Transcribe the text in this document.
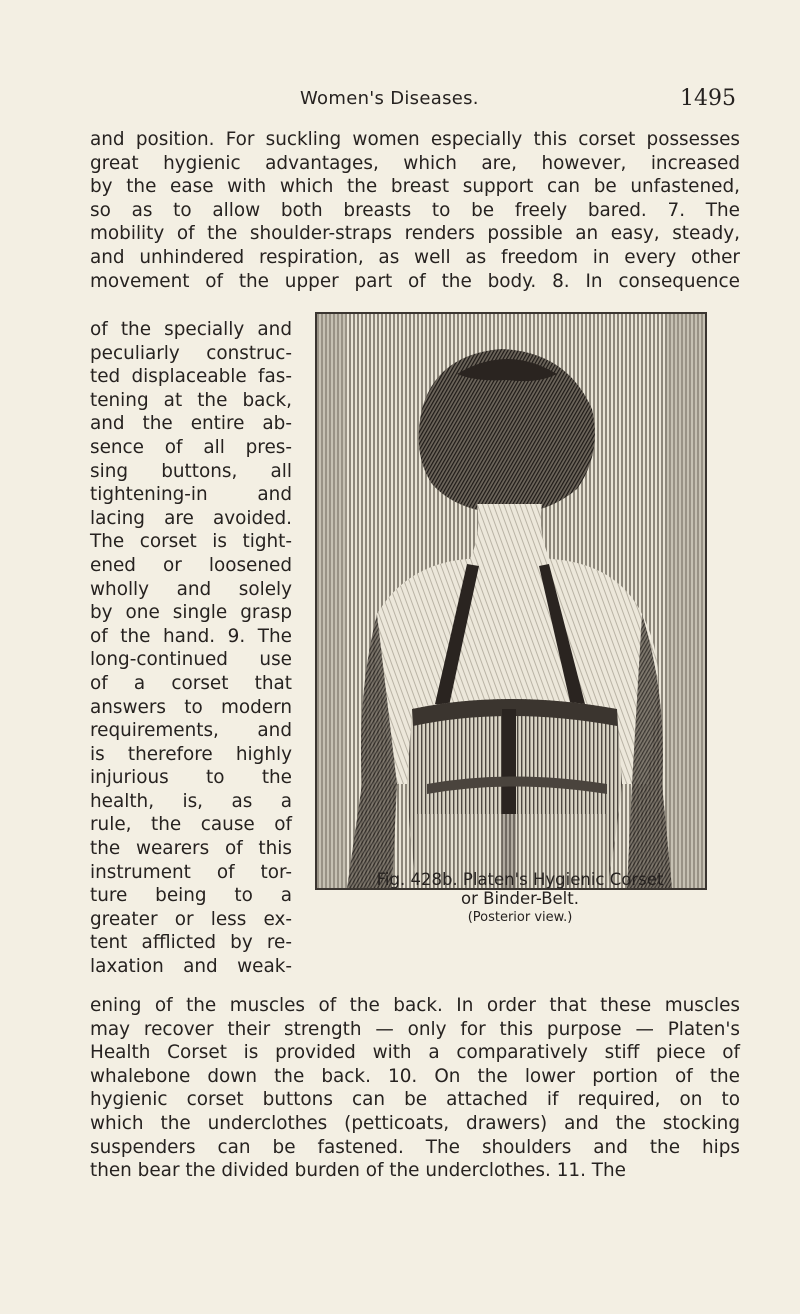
Women's Diseases.	1495
and position. For suckling women especially this corset possesses
great hygienic advantages, which are, however, increased
by the ease with which the breast support can be unfastened,
so as to allow both breasts to be freely bared. 7. The
mobility of the shoulder-straps renders possible an easy, steady,
and unhindered respiration, as well as freedom in every other
movement of the upper part of the body. 8. In consequence
of the specially and
peculiarly construc-
ted displaceable fas-
tening at the back,
and the entire ab-
sence of all pres-
sing buttons, all
tightening-in and
lacing are avoided.
The corset is tight-
ened or loosened
wholly and solely
by one single grasp
of the hand. 9. The
long-continued use
of a corset that
answers to modern
requirements, and
is therefore highly
injurious to the
health, is, as a
rule, the cause of
the wearers of this
instrument of tor-
ture being to a
greater or less ex-
tent afflicted by re-
laxation and weak-
Fig. 428b. Platen's Hygienic Corset
or Binder-Belt.
(Posterior view.)
ening of the muscles of the back. In order that these muscles
may recover their strength — only for this purpose — Platen's
Health Corset is provided with a comparatively stiff piece of
whalebone down the back. 10. On the lower portion of the
hygienic corset buttons can be attached if required, on to
which the underclothes (petticoats, drawers) and the stocking
suspenders can be fastened. The shoulders and the hips
then bear the divided burden of the underclothes. 11. The
